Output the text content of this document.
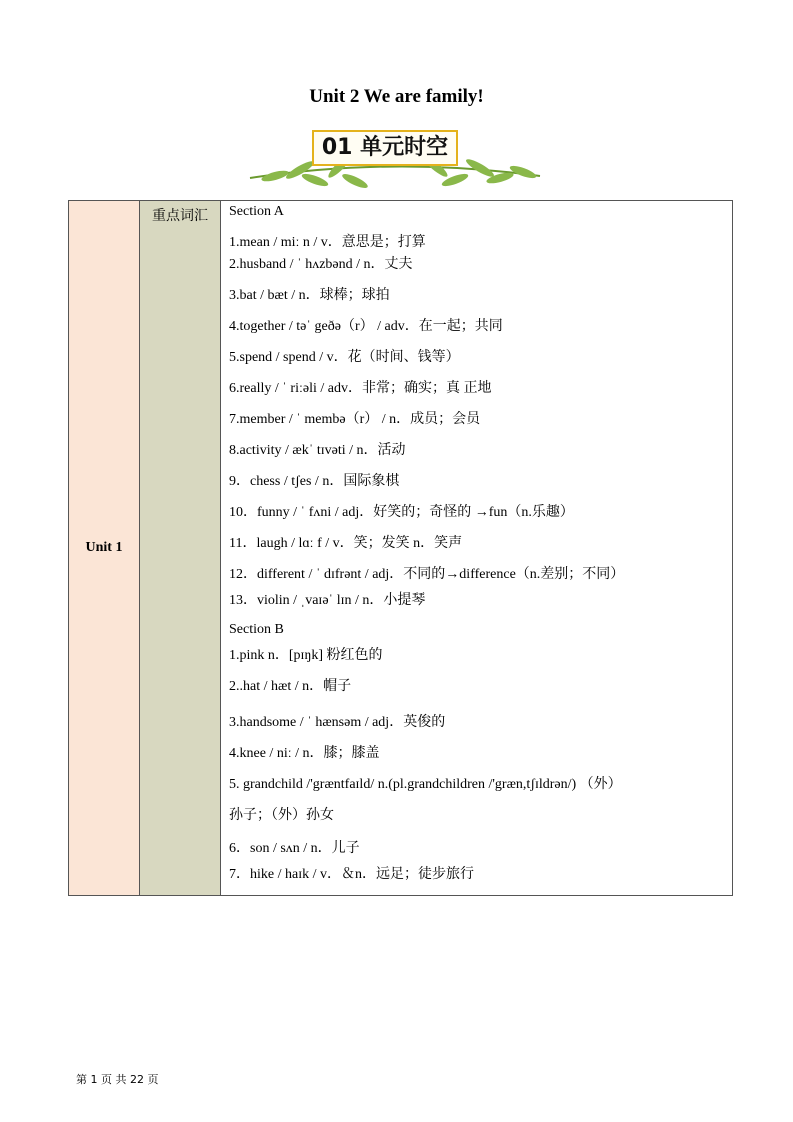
Unit 2 We are family!
01 单元时空
Unit 1	重点词汇	Section A
1.mean / miː n / v．意思是；打算
2.husband / ˈ hʌzbənd / n．丈夫
3.bat / bæt / n．球棒；球拍
4.together / təˈ geðə（r） / adv．在一起；共同
5.spend / spend / v．花（时间、钱等）
6.really / ˈ riːəli / adv．非常；确实；真 正地
7.member / ˈ membə（r） / n．成员；会员
8.activity / ækˈ tɪvəti / n．活动
9．chess / tʃes / n．国际象棋
10．funny / ˈ fʌni / adj．好笑的；奇怪的 →fun（n.乐趣）
11．laugh / lɑː f / v．笑；发笑 n．笑声
12．different / ˈ dɪfrənt / adj．不同的→difference（n.差别；不同）
13．violin / ˌvaɪəˈ lɪn / n．小提琴
Section B
1.pink n．[pɪŋk] 粉红色的
2..hat / hæt / n．帽子
3.handsome / ˈ hænsəm / adj．英俊的
4.knee / niː / n．膝；膝盖
5. grandchild /'græntfaɪld/ n.(pl.grandchildren /'græn,tʃɪldrən/) （外）
孙子；（外）孙女
6．son / sʌn / n．儿子
7．hike / haɪk / v．＆n．远足；徒步旅行
第 1 页 共 22 页
